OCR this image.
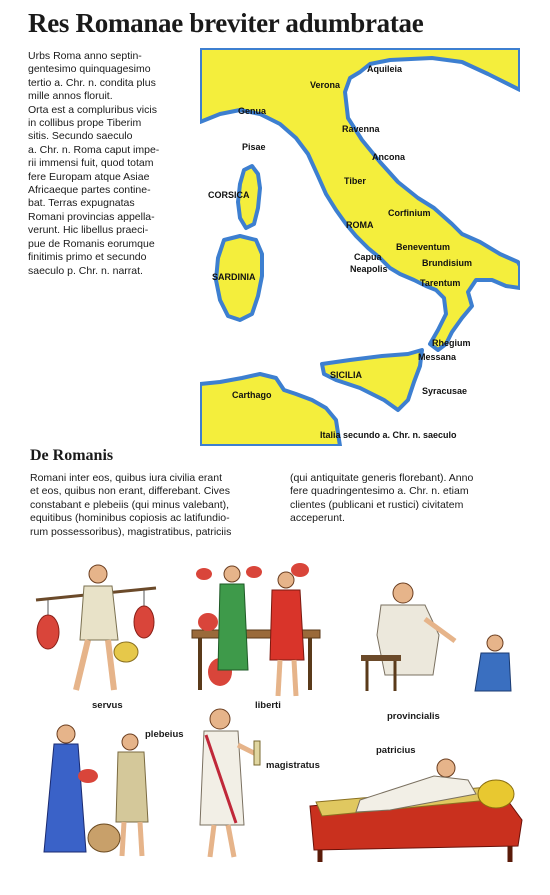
Res Romanae breviter adumbratae
Urbs Roma anno septin-
gentesimo quinquagesimo
tertio a. Chr. n. condita plus
mille annos floruit.
Orta est a compluribus vicis
in collibus prope Tiberim
sitis. Secundo saeculo
a. Chr. n. Roma caput impe-
rii immensi fuit, quod totam
fere Europam atque Asiae
Africaeque partes contine-
bat. Terras expugnatas
Romani provincias appella-
verunt. Hic libellus praeci-
pue de Romanis eorumque
finitimis primo et secundo
saeculo p. Chr. n. narrat.
Aquileia
Verona
Genua
Ravenna
Pisae
Ancona
CORSICA
Tiber
Corfinium
ROMA
SARDINIA
Beneventum
Capua
Neapolis
Brundisium
Tarentum
Rhegium
Messana
SICILIA
Syracusae
Carthago
Italia secundo a. Chr. n. saeculo
De Romanis
Romani inter eos, quibus iura civilia erant
et eos, quibus non erant, differebant. Cives
constabant e plebeiis (qui minus valebant),
equitibus (hominibus copiosis ac latifundio-
rum possessoribus), magistratibus, patriciis
(qui antiquitate generis florebant). Anno
fere quadringentesimo a. Chr. n. etiam
clientes (publicani et rustici) civitatem
acceperunt.
servus	liberti
provincialis
plebeius
magistratus
patricius
